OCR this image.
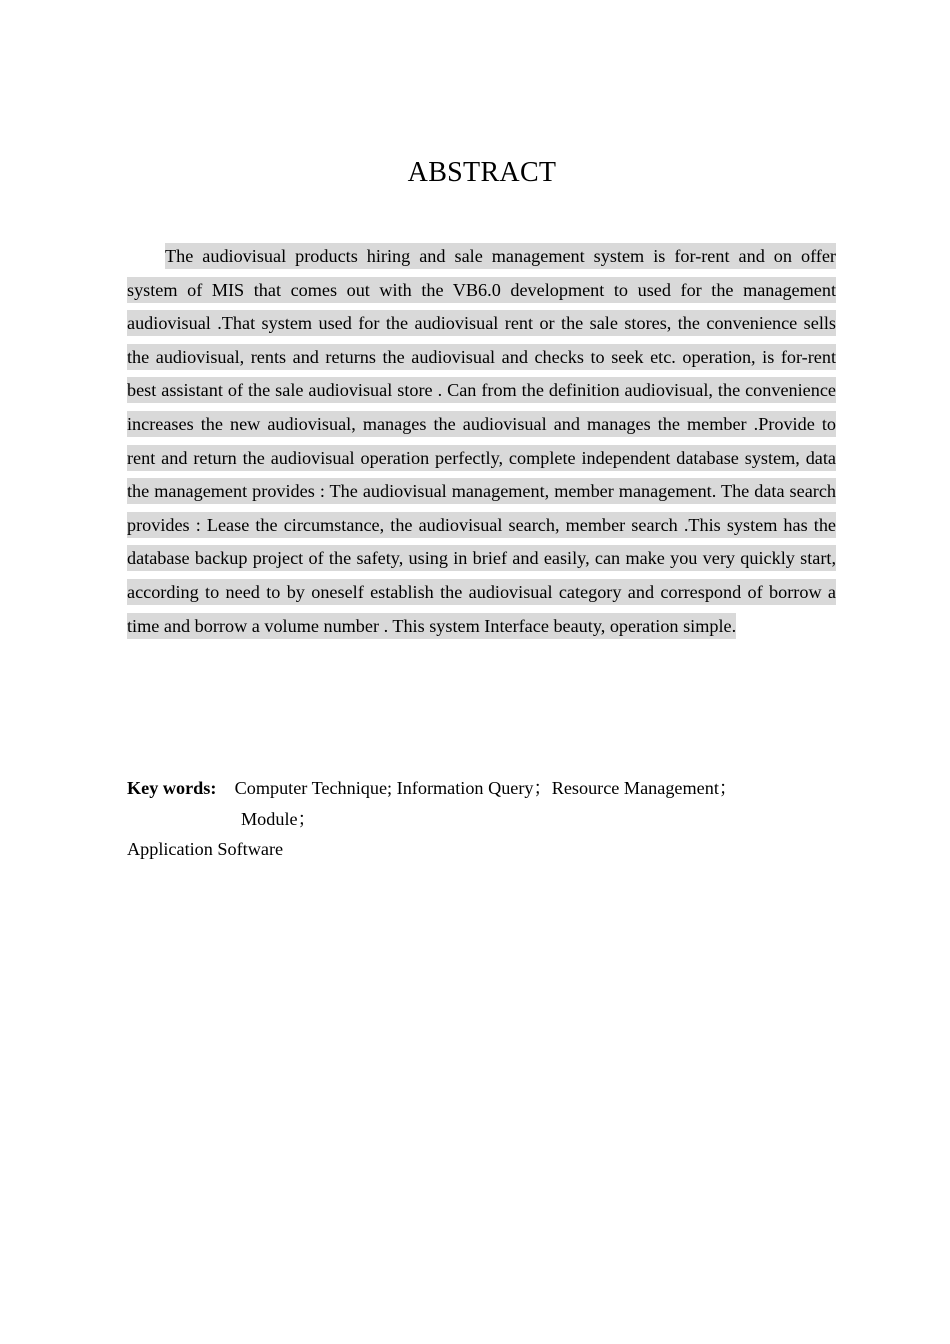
ABSTRACT

The audiovisual products hiring and sale management system is for-rent and on offer system of MIS that comes out with the VB6.0 development to used for the management audiovisual .That system used for the audiovisual rent or the sale stores, the convenience sells the audiovisual, rents and returns the audiovisual and checks to seek etc. operation, is for-rent best assistant of the sale audiovisual store . Can from the definition audiovisual, the convenience increases the new audiovisual, manages the audiovisual and manages the member .Provide to rent and return the audiovisual operation perfectly, complete independent database system, data the management provides : The audiovisual management, member management. The data search provides : Lease the circumstance, the audiovisual search, member search .This system has the database backup project of the safety, using in brief and easily, can make you very quickly start, according to need to by oneself establish the audiovisual category and correspond of borrow a time and borrow a volume number . This system Interface beauty, operation simple.

Key words: Computer Technique; Information Query；Resource Management；
Module；
Application Software
